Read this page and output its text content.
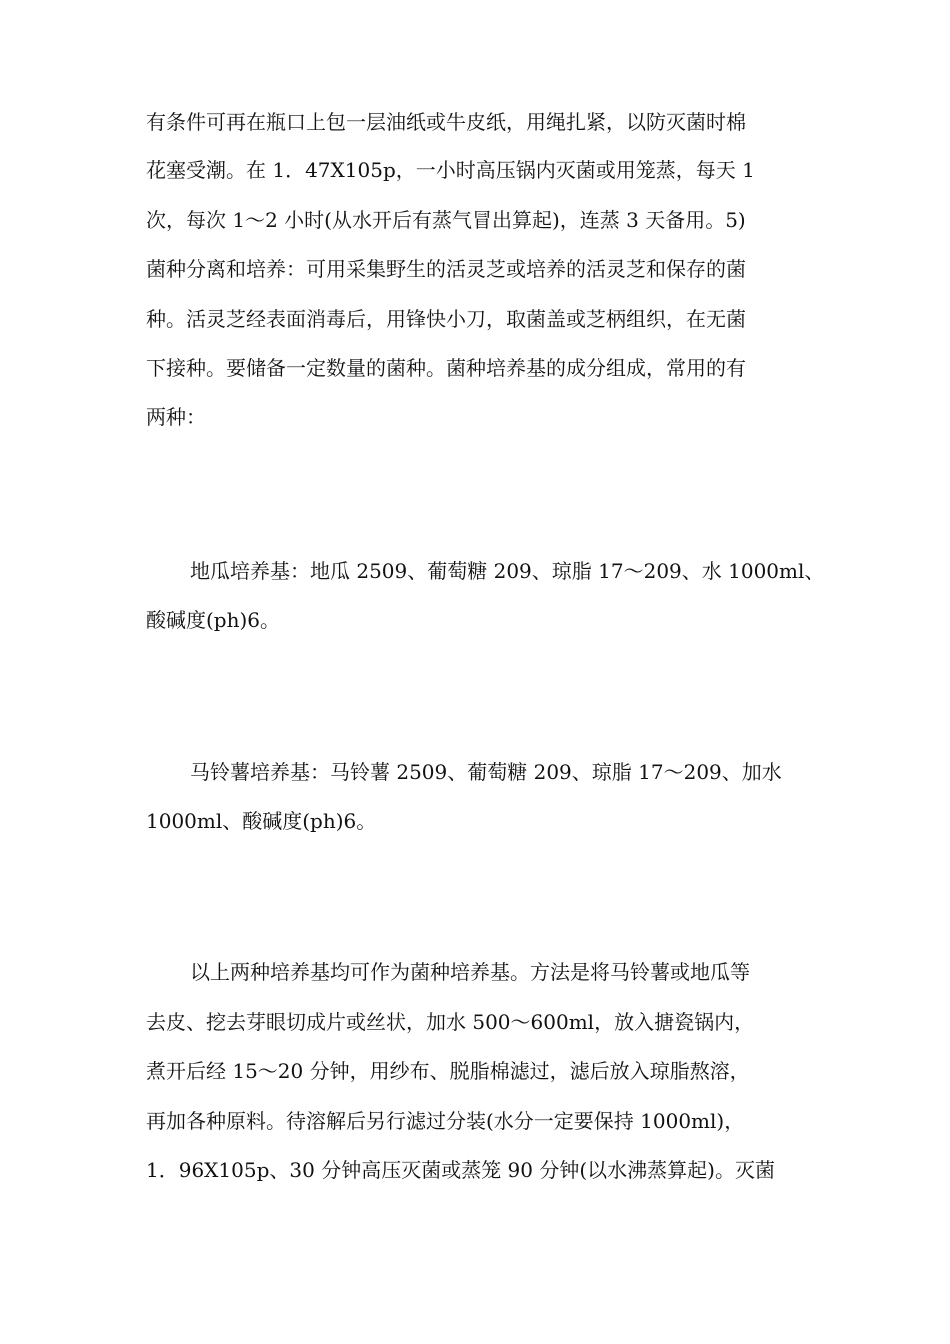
有条件可再在瓶口上包一层油纸或牛皮纸，用绳扎紧，以防灭菌时棉
花塞受潮。在 1．47X105p，一小时高压锅内灭菌或用笼蒸，每天 1
次，每次 1～2 小时(从水开后有蒸气冒出算起)，连蒸 3 天备用。5)
菌种分离和培养：可用采集野生的活灵芝或培养的活灵芝和保存的菌
种。活灵芝经表面消毒后，用锋快小刀，取菌盖或芝柄组织，在无菌
下接种。要储备一定数量的菌种。菌种培养基的成分组成，常用的有
两种：
地瓜培养基：地瓜 2509、葡萄糖 209、琼脂 17～209、水 1000ml、
酸碱度(ph)6。
马铃薯培养基：马铃薯 2509、葡萄糖 209、琼脂 17～209、加水
1000ml、酸碱度(ph)6。
以上两种培养基均可作为菌种培养基。方法是将马铃薯或地瓜等
去皮、挖去芽眼切成片或丝状，加水 500～600ml，放入搪瓷锅内，
煮开后经 15～20 分钟，用纱布、脱脂棉滤过，滤后放入琼脂熬溶，
再加各种原料。待溶解后另行滤过分装(水分一定要保持 1000ml)，
1．96X105p、30 分钟高压灭菌或蒸笼 90 分钟(以水沸蒸算起)。灭菌
